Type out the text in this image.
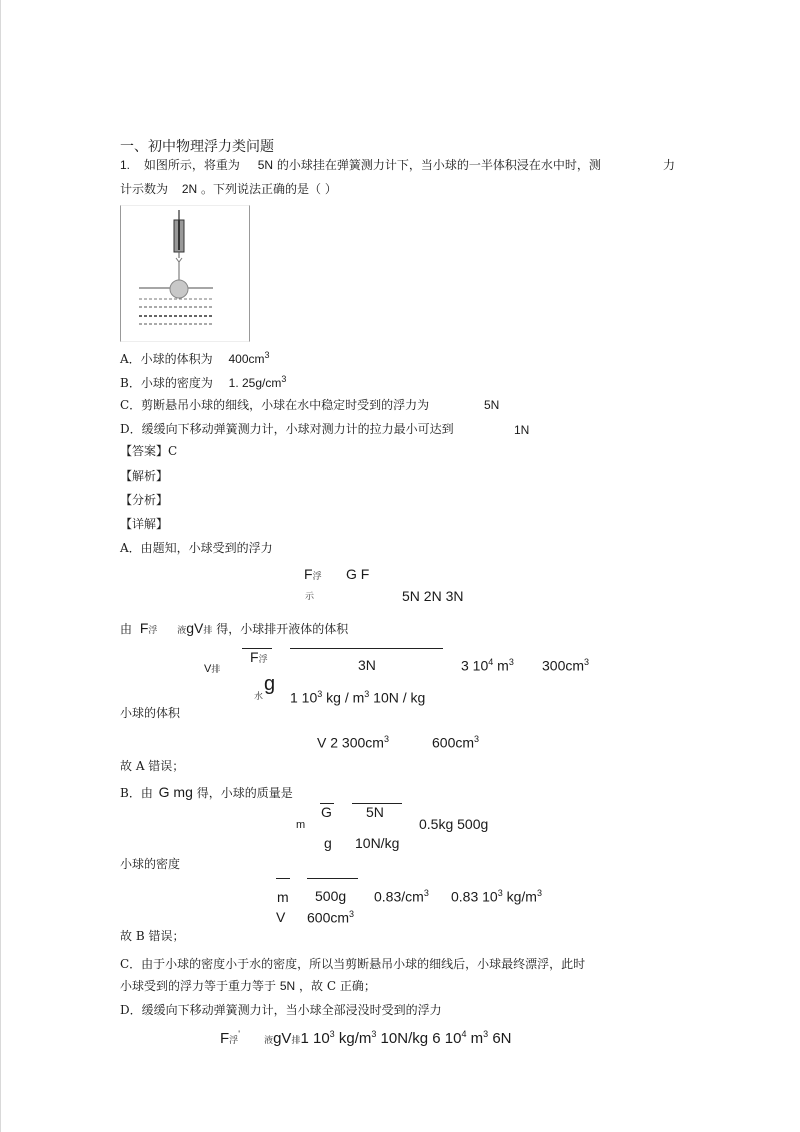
一、初中物理浮力类问题
1. 如图所示，将重为 5N 的小球挂在弹簧测力计下，当小球的一半体积浸在水中时，测	力
计示数为 2N 。下列说法正确的是（ ）
A．小球的体积为 $400cm^3$
B．小球的密度为 1. $25g/cm^3$
C．剪断悬吊小球的细线，小球在水中稳定时受到的浮力为	5N
D．缓缓向下移动弹簧测力计，小球对测力计的拉力最小可达到	1N
【答案】C
【解析】
【分析】
【详解】
A．由题知，小球受到的浮力
F浮 G F
示	5N 2N 3N
由 F浮 液gV排 得，小球排开液体的体积
V排
F浮
g
水
3N
1 $10^3$ kg / $m^3$ 10N / kg
3 $10^4$ $m^3$ $300cm^3$
小球的体积
V 2 $300cm^3$	$600cm^3$
故 A 错误；
B．由 G mg 得，小球的质量是
m
G
g
5N
10N/kg
0.5kg 500g
小球的密度
m
V
500g
$600cm^3$
$0.83/cm^3$ 0.83 $10^3$ $kg/m^3$
故 B 错误；
C．由于小球的密度小于水的密度，所以当剪断悬吊小球的细线后，小球最终漂浮，此时
小球受到的浮力等于重力等于 5N ，故 C 正确；
D．缓缓向下移动弹簧测力计，当小球全部浸没时受到的浮力
F浮' 液gV排1 $10^3$ $kg/m^3$ 10N/kg 6 $10^4$ $m^3$ 6N
